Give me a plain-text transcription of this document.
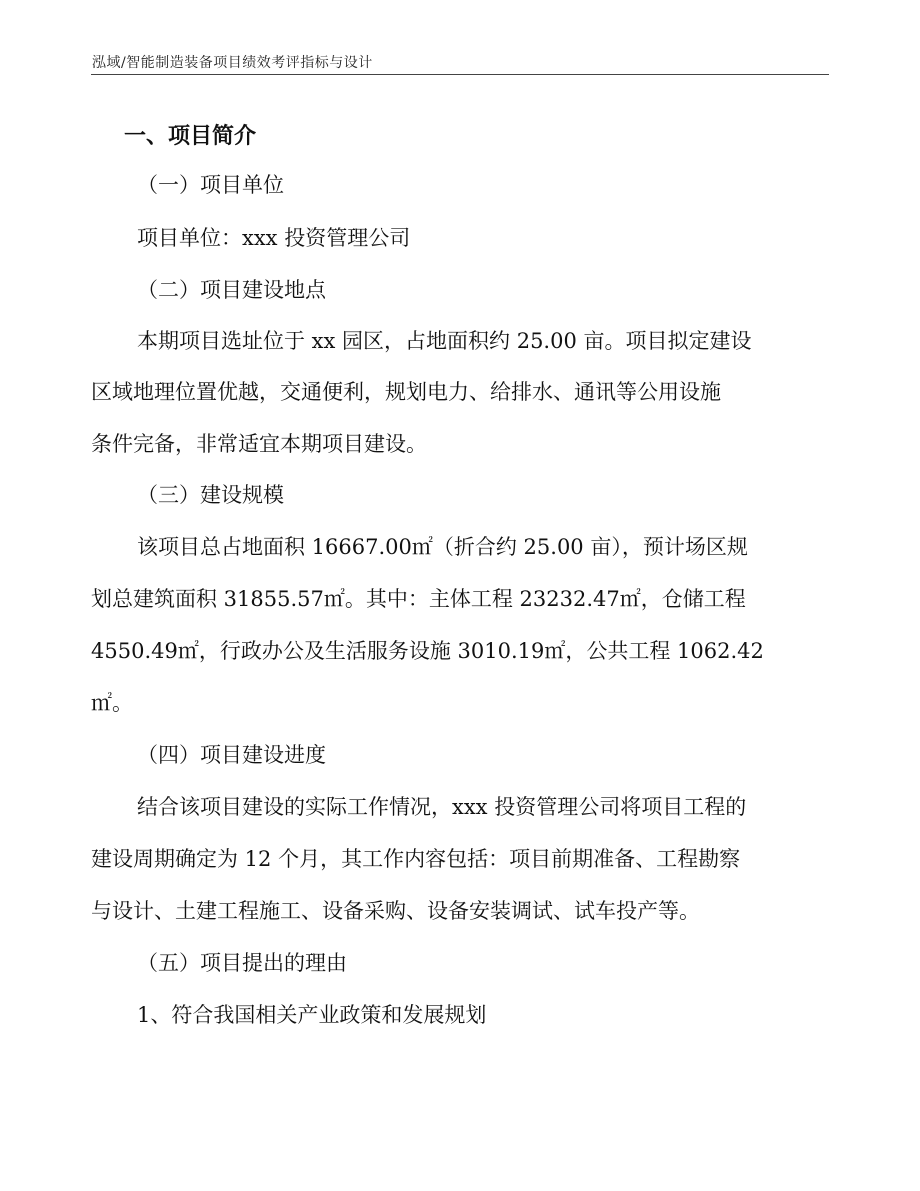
泓域/智能制造装备项目绩效考评指标与设计
一、项目简介
（一）项目单位
项目单位：xxx 投资管理公司
（二）项目建设地点
本期项目选址位于 xx 园区，占地面积约 25.00 亩。项目拟定建设
区域地理位置优越，交通便利，规划电力、给排水、通讯等公用设施
条件完备，非常适宜本期项目建设。
（三）建设规模
该项目总占地面积 16667.00㎡（折合约 25.00 亩），预计场区规
划总建筑面积 31855.57㎡。其中：主体工程 23232.47㎡，仓储工程
4550.49㎡，行政办公及生活服务设施 3010.19㎡，公共工程 1062.42
㎡。
（四）项目建设进度
结合该项目建设的实际工作情况，xxx 投资管理公司将项目工程的
建设周期确定为 12 个月，其工作内容包括：项目前期准备、工程勘察
与设计、土建工程施工、设备采购、设备安装调试、试车投产等。
（五）项目提出的理由
1、符合我国相关产业政策和发展规划
